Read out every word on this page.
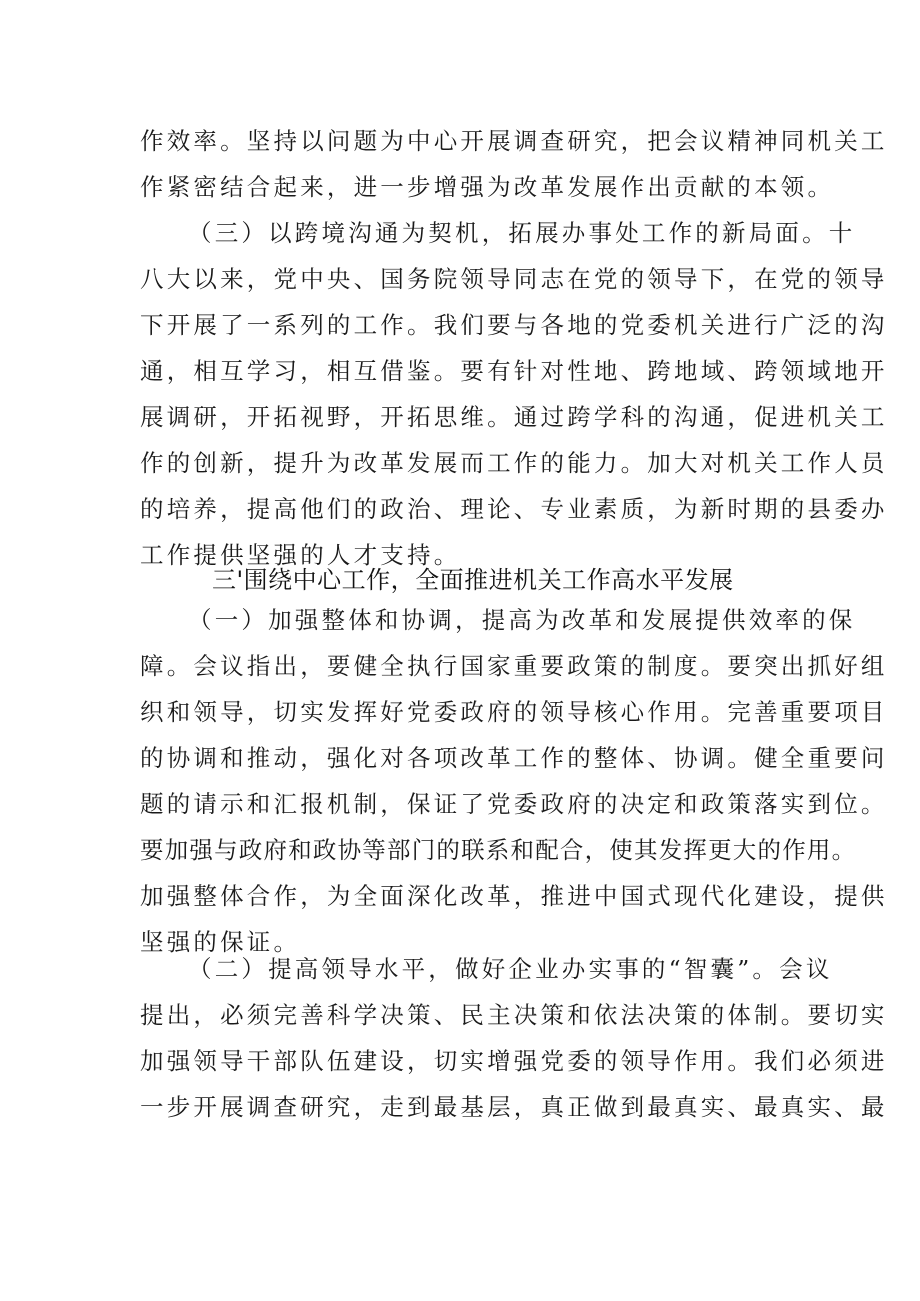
作效率。坚持以问题为中心开展调查研究，把会议精神同机关工
作紧密结合起来，进一步增强为改革发展作出贡献的本领。
（三）以跨境沟通为契机，拓展办事处工作的新局面。十
八大以来，党中央、国务院领导同志在党的领导下，在党的领导
下开展了一系列的工作。我们要与各地的党委机关进行广泛的沟
通，相互学习，相互借鉴。要有针对性地、跨地域、跨领域地开
展调研，开拓视野，开拓思维。通过跨学科的沟通，促进机关工
作的创新，提升为改革发展而工作的能力。加大对机关工作人员
的培养，提高他们的政治、理论、专业素质，为新时期的县委办
工作提供坚强的人才支持。
三'围绕中心工作，全面推进机关工作高水平发展
（一）加强整体和协调，提高为改革和发展提供效率的保
障。会议指出，要健全执行国家重要政策的制度。要突出抓好组
织和领导，切实发挥好党委政府的领导核心作用。完善重要项目
的协调和推动，强化对各项改革工作的整体、协调。健全重要问
题的请示和汇报机制，保证了党委政府的决定和政策落实到位。
要加强与政府和政协等部门的联系和配合，使其发挥更大的作用。
加强整体合作，为全面深化改革，推进中国式现代化建设，提供
坚强的保证。
（二）提高领导水平，做好企业办实事的“智囊”。会议
提出，必须完善科学决策、民主决策和依法决策的体制。要切实
加强领导干部队伍建设，切实增强党委的领导作用。我们必须进
一步开展调查研究，走到最基层，真正做到最真实、最真实、最
